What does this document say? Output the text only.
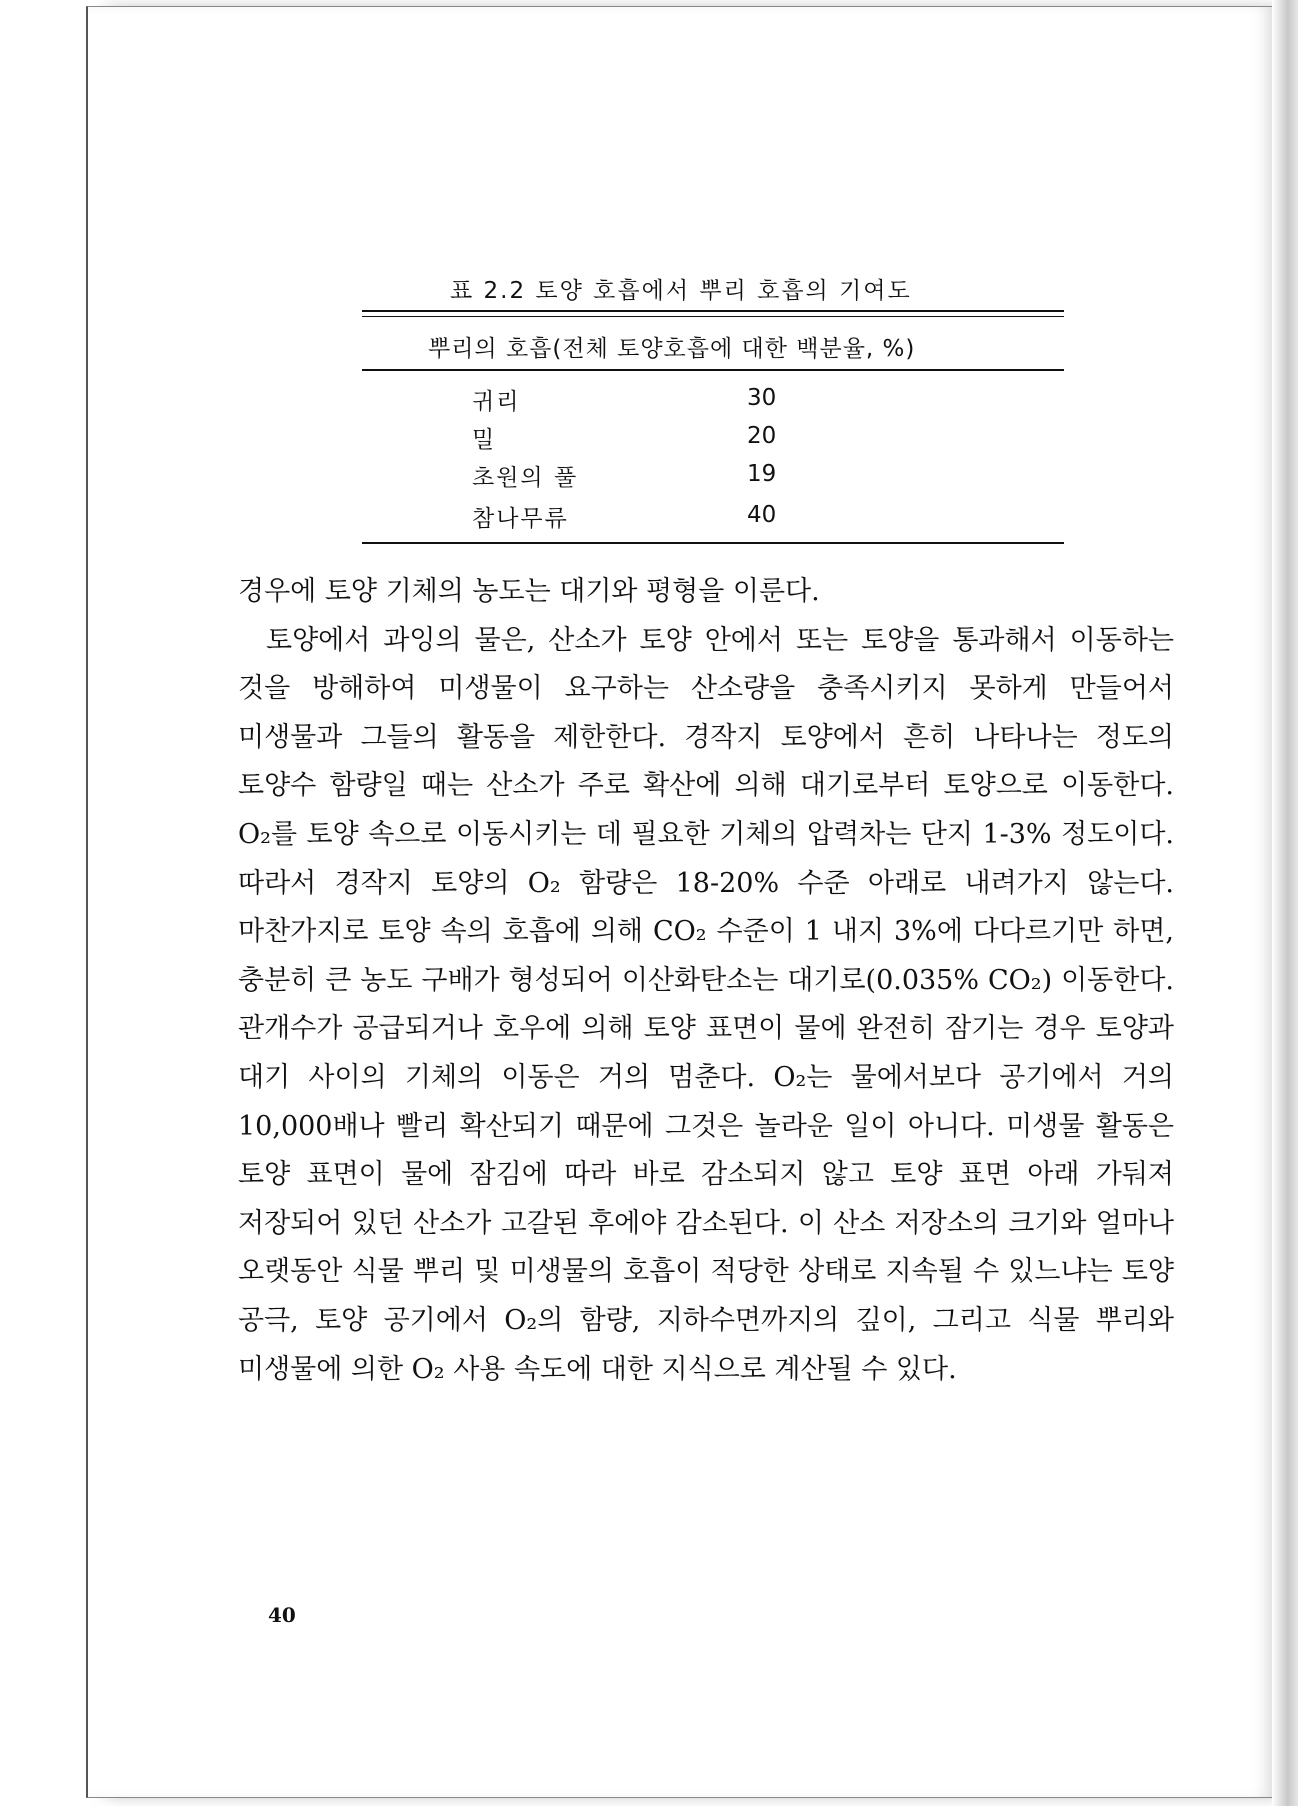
표 2.2 토양 호흡에서 뿌리 호흡의 기여도
뿌리의 호흡(전체 토양호흡에 대한 백분율, %)
귀리	30
밀	20
초원의 풀	19
참나무류	40

경우에 토양 기체의 농도는 대기와 평형을 이룬다.

토양에서 과잉의 물은, 산소가 토양 안에서 또는 토양을 통과해서 이동하는 것을 방해하여 미생물이 요구하는 산소량을 충족시키지 못하게 만들어서 미생물과 그들의 활동을 제한한다. 경작지 토양에서 흔히 나타나는 정도의 토양수 함량일 때는 산소가 주로 확산에 의해 대기로부터 토양으로 이동한다. O₂를 토양 속으로 이동시키는 데 필요한 기체의 압력차는 단지 1-3% 정도이다. 따라서 경작지 토양의 O₂ 함량은 18-20% 수준 아래로 내려가지 않는다. 마찬가지로 토양 속의 호흡에 의해 CO₂ 수준이 1 내지 3%에 다다르기만 하면, 충분히 큰 농도 구배가 형성되어 이산화탄소는 대기로(0.035% CO₂) 이동한다. 관개수가 공급되거나 호우에 의해 토양 표면이 물에 완전히 잠기는 경우 토양과 대기 사이의 기체의 이동은 거의 멈춘다. O₂는 물에서보다 공기에서 거의 10,000배나 빨리 확산되기 때문에 그것은 놀라운 일이 아니다. 미생물 활동은 토양 표면이 물에 잠김에 따라 바로 감소되지 않고 토양 표면 아래 가둬져 저장되어 있던 산소가 고갈된 후에야 감소된다. 이 산소 저장소의 크기와 얼마나 오랫동안 식물 뿌리 및 미생물의 호흡이 적당한 상태로 지속될 수 있느냐는 토양 공극, 토양 공기에서 O₂의 함량, 지하수면까지의 깊이, 그리고 식물 뿌리와 미생물에 의한 O₂ 사용 속도에 대한 지식으로 계산될 수 있다.

40
